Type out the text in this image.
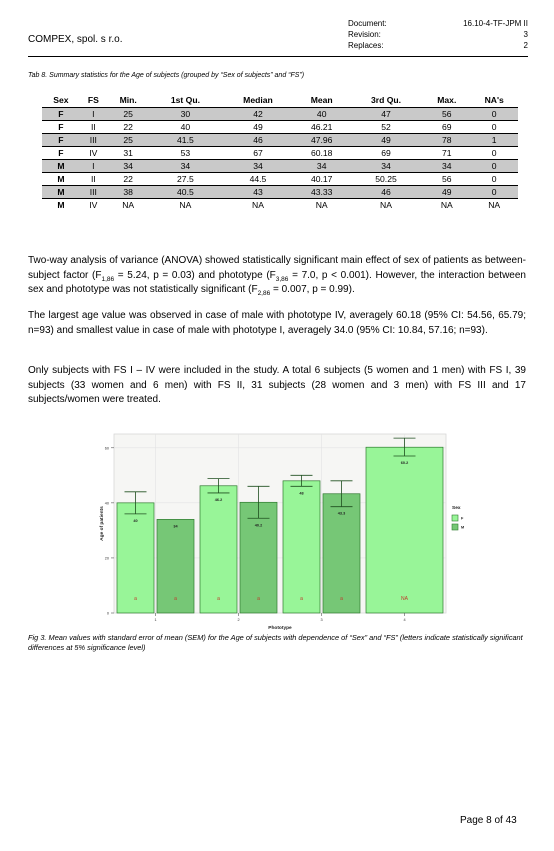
COMPEX, spol. s r.o.
Document:	16.10-4-TF-JPM II
Revision:	3
Replaces:	2
Tab 8. Summary statistics for the Age of subjects (grouped by “Sex of subjects” and “FS”)
Sex	FS	Min.	1st Qu.	Median	Mean	3rd Qu.	Max.	NA's
F	I	25	30	42	40	47	56	0
F	II	22	40	49	46.21	52	69	0
F	III	25	41.5	46	47.96	49	78	1
F	IV	31	53	67	60.18	69	71	0
M	I	34	34	34	34	34	34	0
M	II	22	27.5	44.5	40.17	50.25	56	0
M	III	38	40.5	43	43.33	46	49	0
M	IV	NA	NA	NA	NA	NA	NA	NA

Two-way analysis of variance (ANOVA) showed statistically significant main effect of sex of patients as between-subject factor ($F_{1,86} = 5.24$, p = 0.03) and phototype ($F_{3,86} = 7.0$, p < 0.001). However, the interaction between sex and phototype was not statistically significant ($F_{2,86} = 0.007$, p = 0.99).

The largest age value was observed in case of male with phototype IV, averagely 60.18 (95% CI: 54.56, 65.79; n=93) and smallest value in case of male with phototype I, averagely 34.0 (95% CI: 10.84, 57.16; n=93).

Only subjects with FS I – IV were included in the study. A total 6 subjects (5 women and 1 men) with FS I, 39 subjects (33 women and 6 men) with FS II, 31 subjects (28 women and 3 men) with FS III and 17 subjects/women were treated.

0
20
40
60
40
a
34
a
1
46.2
a
40.2
a
2
48
a
43.3
a
3
60.2
NA
4
Phototype
Age of patients	Sex
F
M
Fig 3. Mean values with standard error of mean (SEM) for the Age of subjects with dependence of “Sex” and “FS” (letters indicate statistically significant differences at 5% significance level)
Page 8 of 43
